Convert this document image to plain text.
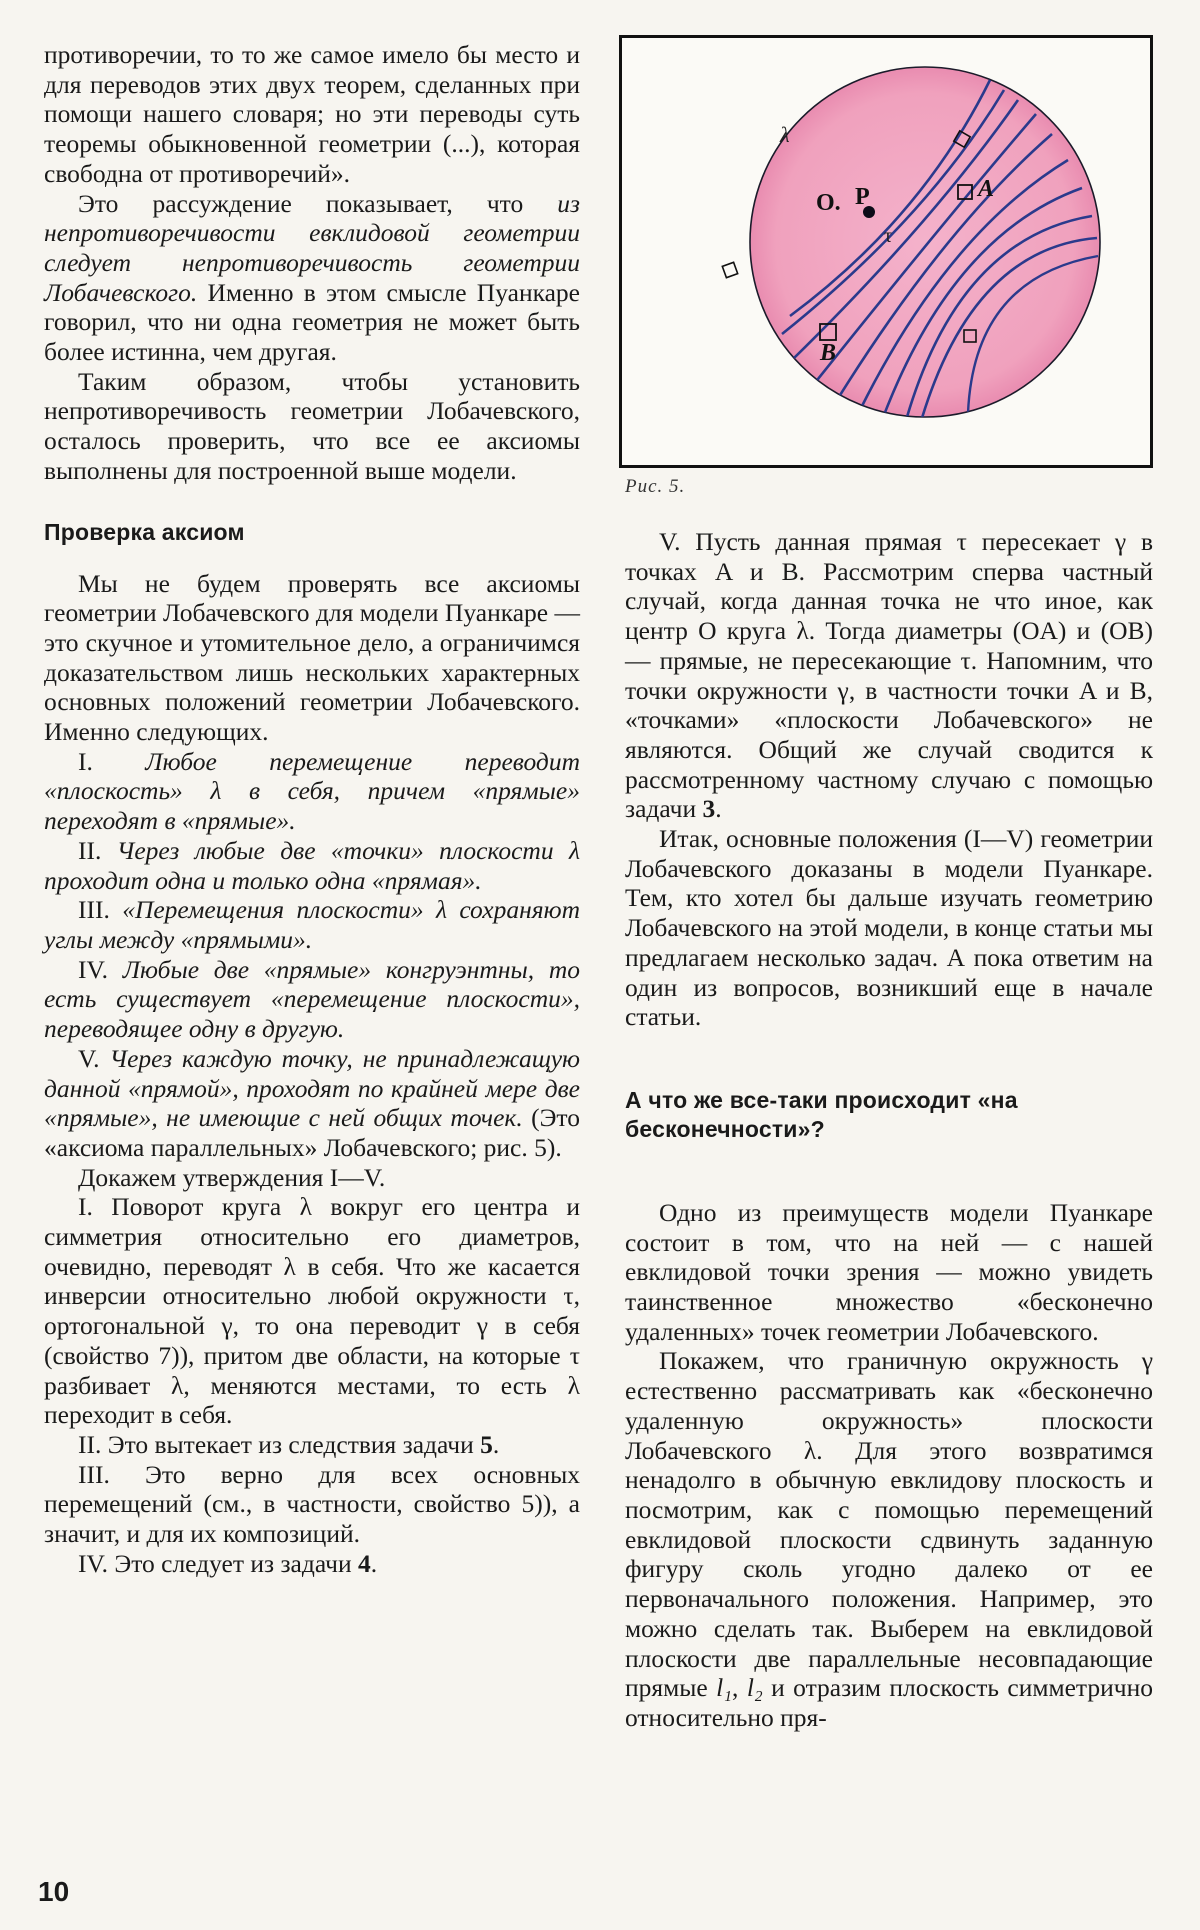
противоречии, то то же самое имело бы место и для переводов этих двух теорем, сделанных при помощи нашего словаря; но эти переводы суть теоремы обыкновенной геометрии (...), которая свободна от противоречий».

Это рассуждение показывает, что из непротиворечивости евклидовой геометрии следует непротиворечивость геометрии Лобачевского. Именно в этом смысле Пуанкаре говорил, что ни одна геометрия не может быть более истинна, чем другая.

Таким образом, чтобы установить непротиворечивость геометрии Лобачевского, осталось проверить, что все ее аксиомы выполнены для построенной выше модели.

Проверка аксиом

Мы не будем проверять все аксиомы геометрии Лобачевского для модели Пуанкаре — это скучное и утомительное дело, а ограничимся доказательством лишь нескольких характерных основных положений геометрии Лобачевского. Именно следующих.

I. Любое перемещение переводит «плоскость» λ в себя, причем «прямые» переходят в «прямые».

II. Через любые две «точки» плоскости λ проходит одна и только одна «прямая».

III. «Перемещения плоскости» λ сохраняют углы между «прямыми».

IV. Любые две «прямые» конгруэнтны, то есть существует «перемещение плоскости», переводящее одну в другую.

V. Через каждую точку, не принадлежащую данной «прямой», проходят по крайней мере две «прямые», не имеющие с ней общих точек. (Это «аксиома параллельных» Лобачевского; рис. 5).

Докажем утверждения I—V.

I. Поворот круга λ вокруг его центра и симметрия относительно его диаметров, очевидно, переводят λ в себя. Что же касается инверсии относительно любой окружности τ, ортогональной γ, то она переводит γ в себя (свойство 7)), притом две области, на которые τ разбивает λ, меняются местами, то есть λ переходит в себя.

II. Это вытекает из следствия задачи 5.

III. Это верно для всех основных перемещений (см., в частности, свойство 5)), а значит, и для их композиций.

IV. Это следует из задачи 4.

λ
O. P	A
B
τ
Рис. 5.

V. Пусть данная прямая τ пересекает γ в точках A и B. Рассмотрим сперва частный случай, когда данная точка не что иное, как центр O круга λ. Тогда диаметры (OA) и (OB) — прямые, не пересекающие τ. Напомним, что точки окружности γ, в частности точки A и B, «точками» «плоскости Лобачевского» не являются. Общий же случай сводится к рассмотренному частному случаю с помощью задачи 3.

Итак, основные положения (I—V) геометрии Лобачевского доказаны в модели Пуанкаре. Тем, кто хотел бы дальше изучать геометрию Лобачевского на этой модели, в конце статьи мы предлагаем несколько задач. А пока ответим на один из вопросов, возникший еще в начале статьи.

А что же все-таки происходит «на бесконечности»?

Одно из преимуществ модели Пуанкаре состоит в том, что на ней — с нашей евклидовой точки зрения — можно увидеть таинственное множество «бесконечно удаленных» точек геометрии Лобачевского.

Покажем, что граничную окружность γ естественно рассматривать как «бесконечно удаленную окружность» плоскости Лобачевского λ. Для этого возвратимся ненадолго в обычную евклидову плоскость и посмотрим, как с помощью перемещений евклидовой плоскости сдвинуть заданную фигуру сколь угодно далеко от ее первоначального положения. Например, это можно сделать так. Выберем на евклидовой плоскости две параллельные несовпадающие прямые l₁, l₂ и отразим плоскость симметрично относительно пря-

10
